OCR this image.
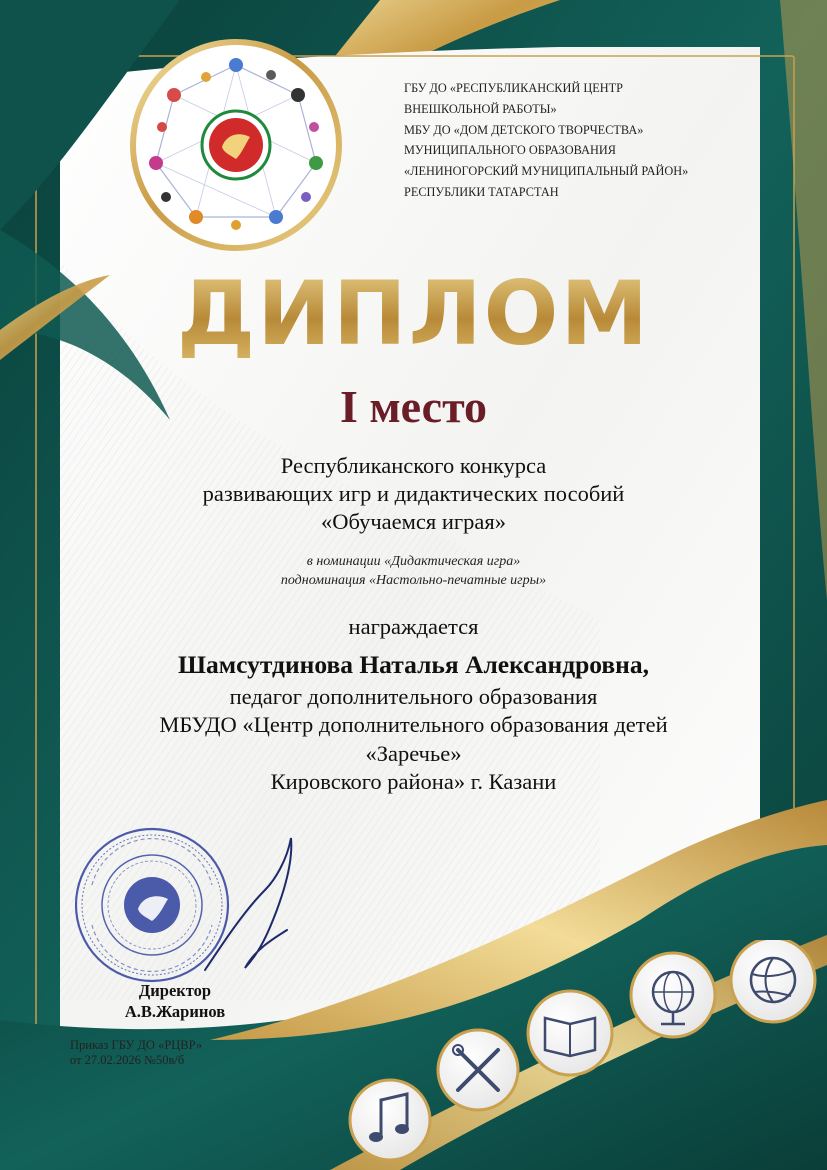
ГБУ ДО «РЕСПУБЛИКАНСКИЙ ЦЕНТР
ВНЕШКОЛЬНОЙ РАБОТЫ»
МБУ ДО «ДОМ ДЕТСКОГО ТВОРЧЕСТВА»
МУНИЦИПАЛЬНОГО ОБРАЗОВАНИЯ
«ЛЕНИНОГОРСКИЙ МУНИЦИПАЛЬНЫЙ РАЙОН»
РЕСПУБЛИКИ ТАТАРСТАН
ДИПЛОМ
I место
Республиканского конкурса
развивающих игр и дидактических пособий
«Обучаемся играя»
в номинации «Дидактическая игра»
подноминация «Настольно-печатные игры»
награждается
Шамсутдинова Наталья Александровна,
педагог дополнительного образования
МБУДО «Центр дополнительного образования детей
«Заречье»
Кировского района» г. Казани
Директор
А.В.Жаринов
Приказ ГБУ ДО «РЦВР»
от 27.02.2026 №50в/б
